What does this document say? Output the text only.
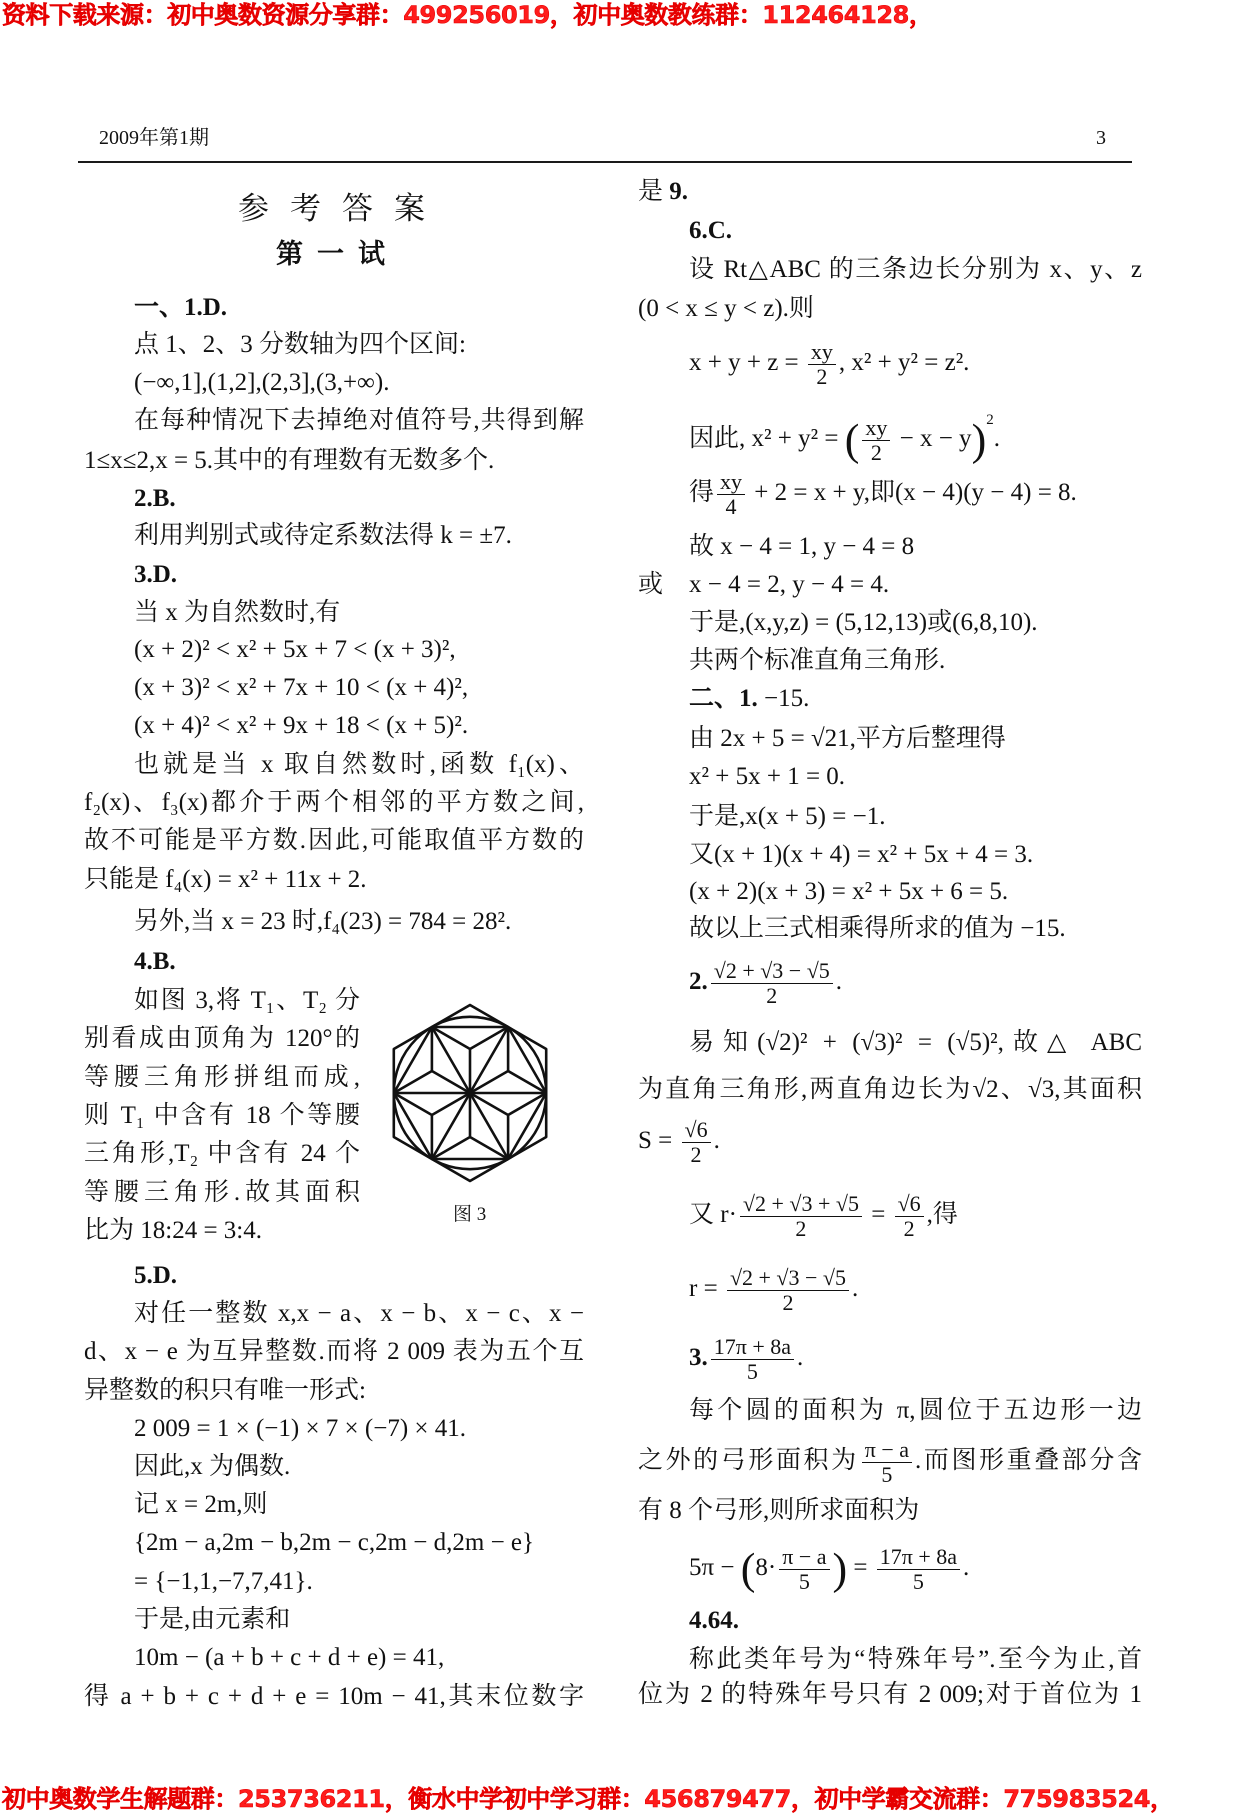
资料下载来源：初中奥数资源分享群：499256019，初中奥数教练群：112464128，
初中奥数学生解题群：253736211，衡水中学初中学习群：456879477，初中学霸交流群：775983524，
2009年第1期	3
参考答案
第一试
一、1.D.
点 1、2、3 分数轴为四个区间:
(−∞,1],(1,2],(2,3],(3,+∞).
在每种情况下去掉绝对值符号,共得到解
1≤x≤2,x = 5.其中的有理数有无数多个.
2.B.
利用判别式或待定系数法得 k = ±7.
3.D.
当 x 为自然数时,有
(x + 2)² < x² + 5x + 7 < (x + 3)²,
(x + 3)² < x² + 7x + 10 < (x + 4)²,
(x + 4)² < x² + 9x + 18 < (x + 5)².
也就是当 x 取自然数时,函数 f₁(x)、
f₂(x)、f₃(x)都介于两个相邻的平方数之间,
故不可能是平方数.因此,可能取值平方数的
只能是 f₄(x) = x² + 11x + 2.
另外,当 x = 23 时,f₄(23) = 784 = 28².
4.B.
如图 3,将 T₁、T₂ 分
别看成由顶角为 120°的
等腰三角形拼组而成,
则 T₁ 中含有 18 个等腰
三角形,T₂ 中含有 24 个
等腰三角形.故其面积
比为 18:24 = 3:4.
图 3
5.D.
对任一整数 x,x − a、x − b、x − c、x −
d、x − e 为互异整数.而将 2 009 表为五个互
异整数的积只有唯一形式:
2 009 = 1 × (−1) × 7 × (−7) × 41.
因此,x 为偶数.
记 x = 2m,则
{2m − a,2m − b,2m − c,2m − d,2m − e}
= {−1,1,−7,7,41}.
于是,由元素和
10m − (a + b + c + d + e) = 41,
得 a + b + c + d + e = 10m − 41,其末位数字
是 9.
6.C.
设 Rt△ABC 的三条边长分别为 x、y、z
(0 < x ≤ y < z).则
$x + y + z = \frac{xy}{2}$ , x² + y² = z².
因此, x² + y² = ( $\frac{xy}{2} - x - y)^2$.
得 $\frac{xy}{4} + 2 = x + y$,即(x − 4)(y − 4) = 8.
故 x − 4 = 1, y − 4 = 8
或 x − 4 = 2, y − 4 = 4.
于是,(x,y,z) = (5,12,13)或(6,8,10).
共两个标准直角三角形.
二、1. −15.
由 2x + 5 = √21,平方后整理得
x² + 5x + 1 = 0.
于是,x(x + 5) = −1.
又(x + 1)(x + 4) = x² + 5x + 4 = 3.
(x + 2)(x + 3) = x² + 5x + 6 = 5.
故以上三式相乘得所求的值为 −15.
2. $\frac{√2 + √3 - √5}{2}$ .
易知(√2)² + (√3)² = (√5)²,故△ ABC
为直角三角形,两直角边长为√2、√3,其面积
$S = \frac{√6}{2}$ .
又 $r\cdot \frac{√2 + √3 + √5}{2} = \frac{√6}{2}$ ,得
$r = \frac{√2 + √3 - √5}{2}$ .
3. $\frac{17\pi + 8a}{5}$ .
每个圆的面积为 π,圆位于五边形一边
之外的弓形面积为 $\frac{\pi - a}{5}$ .而图形重叠部分含
有 8 个弓形,则所求面积为
$5\pi - (8\cdot \frac{\pi - a}{5}$ ) = $\frac{17\pi + 8a}{5}$ .
4.64.
称此类年号为“特殊年号”.至今为止,首
位为 2 的特殊年号只有 2 009;对于首位为 1
